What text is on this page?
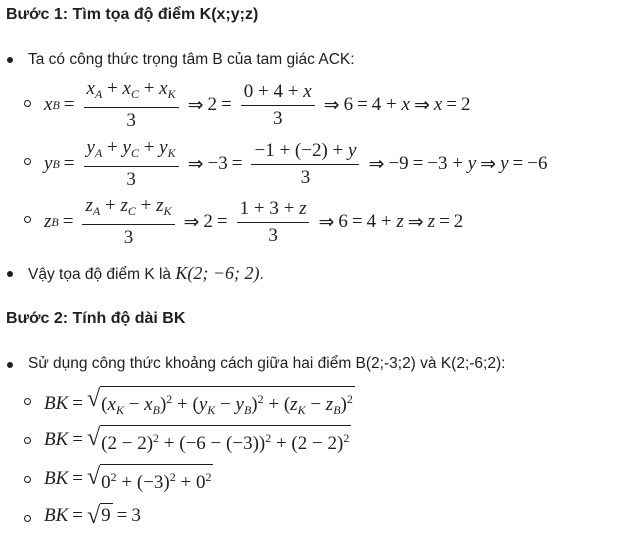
Bước 1: Tìm tọa độ điểm K(x;y;z)
Ta có công thức trọng tâm B của tam giác ACK:
x $B = \frac{x_A + x_C + x_K}{3}$ ⇒ $2 = \frac{0 + 4 + x}{3}$ ⇒ 6 = 4 + x ⇒ x = 2
y $B = \frac{y_A + y_C + y_K}{3}$ ⇒ $-3 = \frac{-1 + (-2) + y}{3}$ ⇒ −9 = −3 + y ⇒ y = −6
z $B = \frac{z_A + z_C + z_K}{3}$ ⇒ $2 = \frac{1 + 3 + z}{3}$ ⇒ 6 = 4 + z ⇒ z = 2
Vậy tọa độ điểm K là K(2; −6; 2).
Bước 2: Tính độ dài BK
Sử dụng công thức khoảng cách giữa hai điểm B(2;-3;2) và K(2;-6;2):
BK = √ $(x_K - x_B)^2 + (y_K - y_B)^2 + (z_K - z_B)^2$
BK = √ $(2 - 2)^2 + (-6 - (-3))^2 + (2 - 2)^2$
BK = √ $0^2 + (-3)^2 + 0^2$
BK = √ 9 = 3
